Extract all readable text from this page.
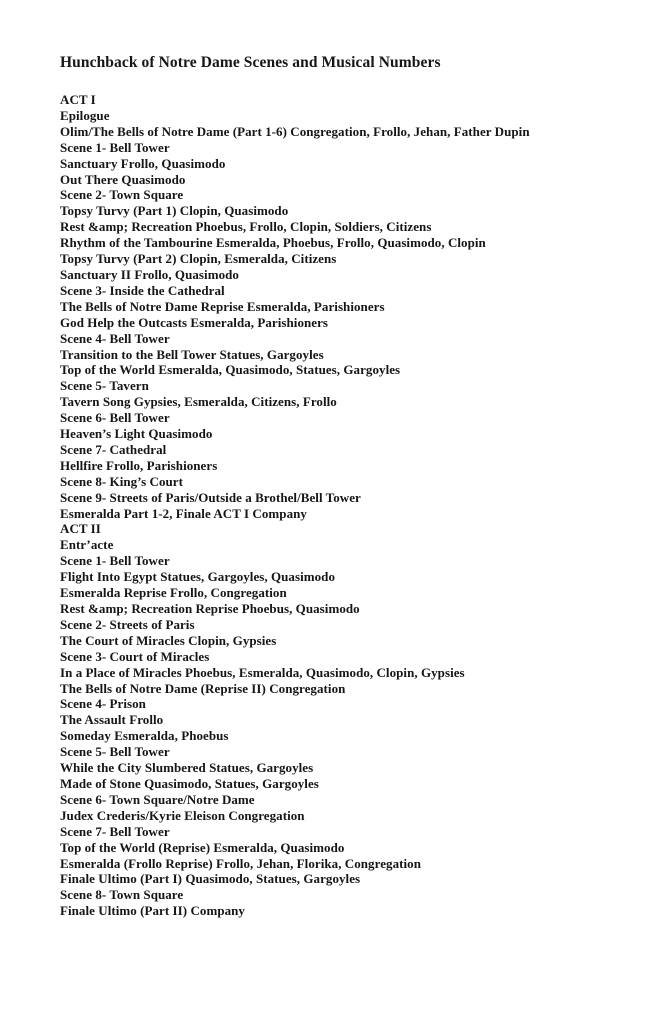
Hunchback of Notre Dame Scenes and Musical Numbers
ACT I
Epilogue
Olim/The Bells of Notre Dame (Part 1-6) Congregation, Frollo, Jehan, Father Dupin
Scene 1- Bell Tower
Sanctuary Frollo, Quasimodo
Out There Quasimodo
Scene 2- Town Square
Topsy Turvy (Part 1) Clopin, Quasimodo
Rest &amp; Recreation Phoebus, Frollo, Clopin, Soldiers, Citizens
Rhythm of the Tambourine Esmeralda, Phoebus, Frollo, Quasimodo, Clopin
Topsy Turvy (Part 2) Clopin, Esmeralda, Citizens
Sanctuary II Frollo, Quasimodo
Scene 3- Inside the Cathedral
The Bells of Notre Dame Reprise Esmeralda, Parishioners
God Help the Outcasts Esmeralda, Parishioners
Scene 4- Bell Tower
Transition to the Bell Tower Statues, Gargoyles
Top of the World Esmeralda, Quasimodo, Statues, Gargoyles
Scene 5- Tavern
Tavern Song Gypsies, Esmeralda, Citizens, Frollo
Scene 6- Bell Tower
Heaven’s Light Quasimodo
Scene 7- Cathedral
Hellfire Frollo, Parishioners
Scene 8- King’s Court
Scene 9- Streets of Paris/Outside a Brothel/Bell Tower
Esmeralda Part 1-2, Finale ACT I Company
ACT II
Entr’acte
Scene 1- Bell Tower
Flight Into Egypt Statues, Gargoyles, Quasimodo
Esmeralda Reprise Frollo, Congregation
Rest &amp; Recreation Reprise Phoebus, Quasimodo
Scene 2- Streets of Paris
The Court of Miracles Clopin, Gypsies
Scene 3- Court of Miracles
In a Place of Miracles Phoebus, Esmeralda, Quasimodo, Clopin, Gypsies
The Bells of Notre Dame (Reprise II) Congregation
Scene 4- Prison
The Assault Frollo
Someday Esmeralda, Phoebus
Scene 5- Bell Tower
While the City Slumbered Statues, Gargoyles
Made of Stone Quasimodo, Statues, Gargoyles
Scene 6- Town Square/Notre Dame
Judex Crederis/Kyrie Eleison Congregation
Scene 7- Bell Tower
Top of the World (Reprise) Esmeralda, Quasimodo
Esmeralda (Frollo Reprise) Frollo, Jehan, Florika, Congregation
Finale Ultimo (Part I) Quasimodo, Statues, Gargoyles
Scene 8- Town Square
Finale Ultimo (Part II) Company
